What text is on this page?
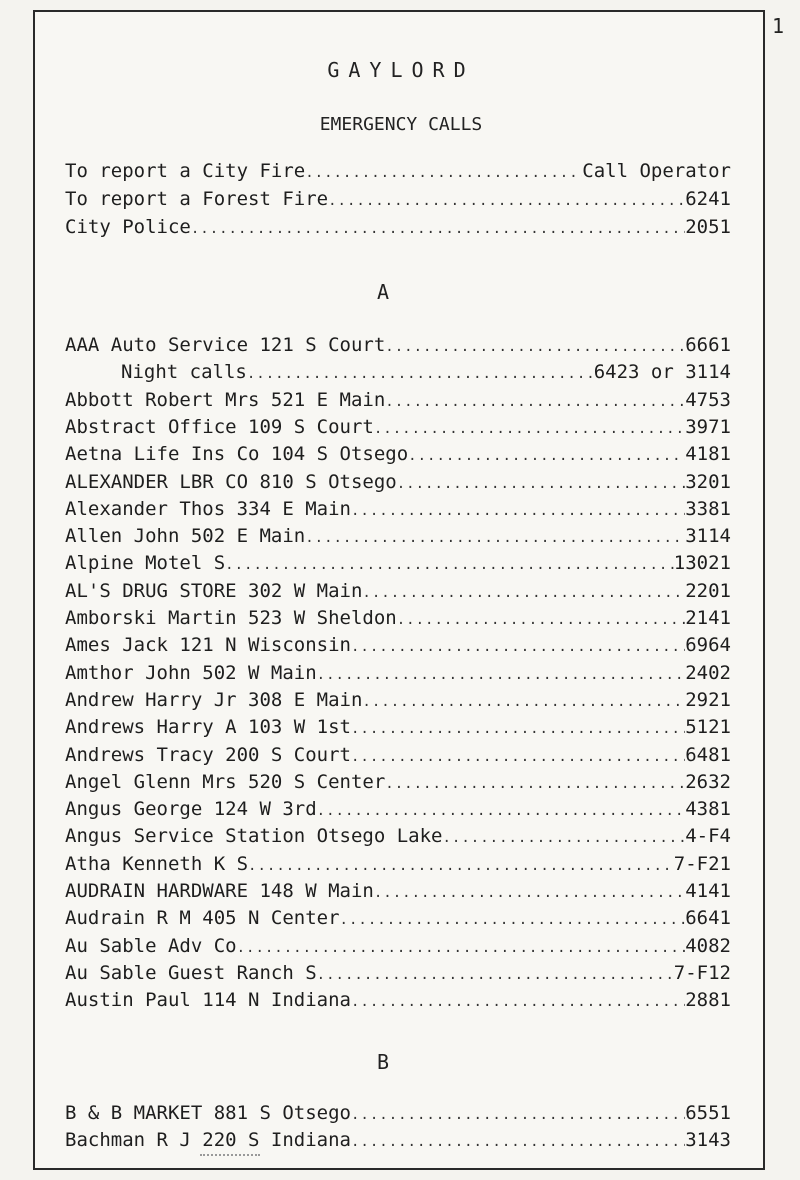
GAYLORD
EMERGENCY CALLS
To report a City Fire .....	Call Operator
To report a Forest Fire .....	6241
City Police .....	2051
A
AAA Auto Service 121 S Court .....	6661
Night calls .....	6423 or 3114
Abbott Robert Mrs 521 E Main .....	4753
Abstract Office 109 S Court .....	3971
Aetna Life Ins Co 104 S Otsego .....	4181
ALEXANDER LBR CO 810 S Otsego .....	3201
Alexander Thos 334 E Main .....	3381
Allen John 502 E Main .....	3114
Alpine Motel S .....	13021
AL'S DRUG STORE 302 W Main .....	2201
Amborski Martin 523 W Sheldon .....	2141
Ames Jack 121 N Wisconsin .....	6964
Amthor John 502 W Main .....	2402
Andrew Harry Jr 308 E Main .....	2921
Andrews Harry A 103 W 1st .....	5121
Andrews Tracy 200 S Court .....	6481
Angel Glenn Mrs 520 S Center .....	2632
Angus George 124 W 3rd .....	4381
Angus Service Station Otsego Lake .....	4-F4
Atha Kenneth K S .....	7-F21
AUDRAIN HARDWARE 148 W Main .....	4141
Audrain R M 405 N Center .....	6641
Au Sable Adv Co .....	4082
Au Sable Guest Ranch S .....	7-F12
Austin Paul 114 N Indiana .....	2881
B
B & B MARKET 881 S Otsego .....	6551
Bachman R J 220 S Indiana .....	3143
1
